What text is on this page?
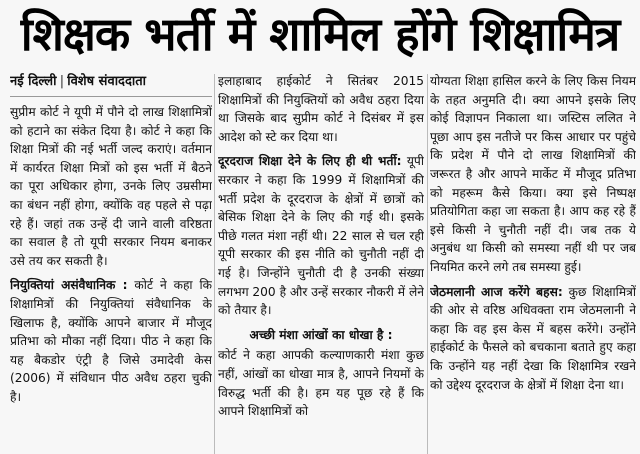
शिक्षक भर्ती में शामिल होंगे शिक्षामित्र
नई दिल्ली | विशेष संवाददाता

सुप्रीम कोर्ट ने यूपी में पौने दो लाख शिक्षामित्रों को हटाने का संकेत दिया है। कोर्ट ने कहा कि शिक्षा मित्रों की नई भर्ती जल्द कराएं। वर्तमान में कार्यरत शिक्षा मित्रों को इस भर्ती में बैठने का पूरा अधिकार होगा, उनके लिए उम्रसीमा का बंधन नहीं होगा, क्योंकि वह पहले से पढ़ा रहे हैं। जहां तक उन्हें दी जाने वाली वरिष्ठता का सवाल है तो यूपी सरकार नियम बनाकर उसे तय कर सकती है।

नियुक्तियां असंवैधानिक : कोर्ट ने कहा कि शिक्षामित्रों की नियुक्तियां संवैधानिक के खिलाफ है, क्योंकि आपने बाजार में मौजूद प्रतिभा को मौका नहीं दिया। पीठ ने कहा कि यह बैकडोर एंट्री है जिसे उमादेवी केस (2006) में संविधान पीठ अवैध ठहरा चुकी है।

इलाहाबाद हाईकोर्ट ने सितंबर 2015 शिक्षामित्रों की नियुक्तियों को अवैध ठहरा दिया था जिसके बाद सुप्रीम कोर्ट ने दिसंबर में इस आदेश को स्टे कर दिया था।

दूरदराज शिक्षा देने के लिए ही थी भर्ती: यूपी सरकार ने कहा कि 1999 में शिक्षामित्रों की भर्ती प्रदेश के दूरदराज के क्षेत्रों में छात्रों को बेसिक शिक्षा देने के लिए की गई थी। इसके पीछे गलत मंशा नहीं थी। 22 साल से चल रही यूपी सरकार की इस नीति को चुनौती नहीं दी गई है। जिन्होंने चुनौती दी है उनकी संख्या लगभग 200 है और उन्हें सरकार नौकरी में लेने को तैयार है।

अच्छी मंशा आंखों का धोखा है :

कोर्ट ने कहा आपकी कल्याणकारी मंशा कुछ नहीं, आंखों का धोखा मात्र है, आपने नियमों के विरुद्ध भर्ती की है। हम यह पूछ रहे हैं कि आपने शिक्षामित्रों को

योग्यता शिक्षा हासिल करने के लिए किस नियम के तहत अनुमति दी। क्या आपने इसके लिए कोई विज्ञापन निकाला था। जस्टिस ललित ने पूछा आप इस नतीजे पर किस आधार पर पहुंचे कि प्रदेश में पौने दो लाख शिक्षामित्रों की जरूरत है और आपने मार्केट में मौजूद प्रतिभा को महरूम कैसे किया। क्या इसे निष्पक्ष प्रतियोगिता कहा जा सकता है। आप कह रहे हैं इसे किसी ने चुनौती नहीं दी। जब तक ये अनुबंध था किसी को समस्या नहीं थी पर जब नियमित करने लगे तब समस्या हुई।

जेठमलानी आज करेंगे बहस: कुछ शिक्षामित्रों की ओर से वरिष्ठ अधिवक्ता राम जेठमलानी ने कहा कि वह इस केस में बहस करेंगे। उन्होंने हाईकोर्ट के फैसले को बचकाना बताते हुए कहा कि उन्होंने यह नहीं देखा कि शिक्षामित्र रखने को उद्देश्य दूरदराज के क्षेत्रों में शिक्षा देना था।
